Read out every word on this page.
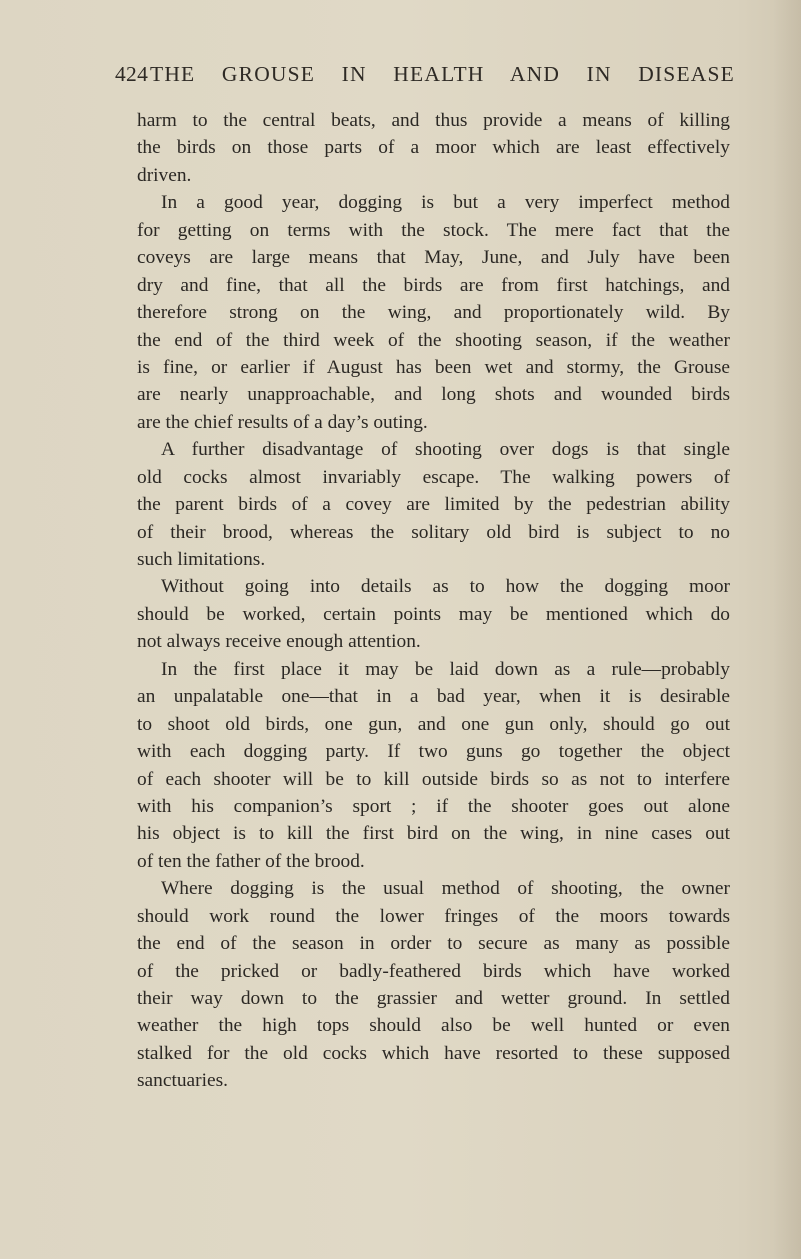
424 THE GROUSE IN HEALTH AND IN DISEASE
harm to the central beats, and thus provide a means of killing
the birds on those parts of a moor which are least effectively
driven.
In a good year, dogging is but a very imperfect method
for getting on terms with the stock. The mere fact that the
coveys are large means that May, June, and July have been
dry and fine, that all the birds are from first hatchings, and
therefore strong on the wing, and proportionately wild. By
the end of the third week of the shooting season, if the weather
is fine, or earlier if August has been wet and stormy, the Grouse
are nearly unapproachable, and long shots and wounded birds
are the chief results of a day’s outing.
A further disadvantage of shooting over dogs is that single
old cocks almost invariably escape. The walking powers of
the parent birds of a covey are limited by the pedestrian ability
of their brood, whereas the solitary old bird is subject to no
such limitations.
Without going into details as to how the dogging moor
should be worked, certain points may be mentioned which do
not always receive enough attention.
In the first place it may be laid down as a rule—probably
an unpalatable one—that in a bad year, when it is desirable
to shoot old birds, one gun, and one gun only, should go out
with each dogging party. If two guns go together the object
of each shooter will be to kill outside birds so as not to interfere
with his companion’s sport ; if the shooter goes out alone
his object is to kill the first bird on the wing, in nine cases out
of ten the father of the brood.
Where dogging is the usual method of shooting, the owner
should work round the lower fringes of the moors towards
the end of the season in order to secure as many as possible
of the pricked or badly-feathered birds which have worked
their way down to the grassier and wetter ground. In settled
weather the high tops should also be well hunted or even
stalked for the old cocks which have resorted to these supposed
sanctuaries.
